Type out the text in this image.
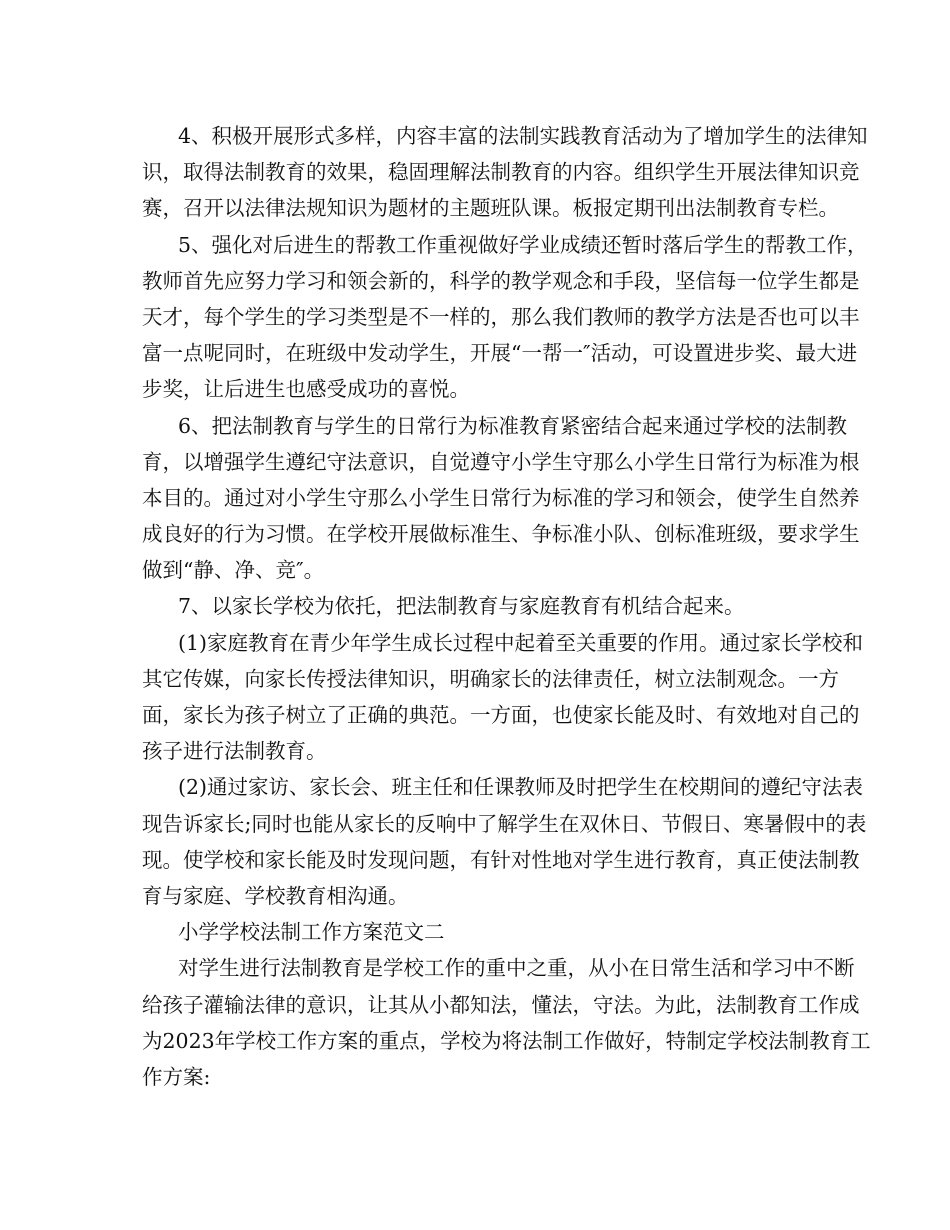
4、积极开展形式多样，内容丰富的法制实践教育活动为了增加学生的法律知
识，取得法制教育的效果，稳固理解法制教育的内容。组织学生开展法律知识竞
赛，召开以法律法规知识为题材的主题班队课。板报定期刊出法制教育专栏。
5、强化对后进生的帮教工作重视做好学业成绩还暂时落后学生的帮教工作，
教师首先应努力学习和领会新的，科学的教学观念和手段，坚信每一位学生都是
天才，每个学生的学习类型是不一样的，那么我们教师的教学方法是否也可以丰
富一点呢同时，在班级中发动学生，开展“一帮一″活动，可设置进步奖、最大进
步奖，让后进生也感受成功的喜悦。
6、把法制教育与学生的日常行为标准教育紧密结合起来通过学校的法制教
育，以增强学生遵纪守法意识，自觉遵守小学生守那么小学生日常行为标准为根
本目的。通过对小学生守那么小学生日常行为标准的学习和领会，使学生自然养
成良好的行为习惯。在学校开展做标准生、争标准小队、创标准班级，要求学生
做到“静、净、竞″。
7、以家长学校为依托，把法制教育与家庭教育有机结合起来。
(1)家庭教育在青少年学生成长过程中起着至关重要的作用。通过家长学校和
其它传媒，向家长传授法律知识，明确家长的法律责任，树立法制观念。一方
面，家长为孩子树立了正确的典范。一方面，也使家长能及时、有效地对自己的
孩子进行法制教育。
(2)通过家访、家长会、班主任和任课教师及时把学生在校期间的遵纪守法表
现告诉家长;同时也能从家长的反响中了解学生在双休日、节假日、寒暑假中的表
现。使学校和家长能及时发现问题，有针对性地对学生进行教育，真正使法制教
育与家庭、学校教育相沟通。
小学学校法制工作方案范文二
对学生进行法制教育是学校工作的重中之重，从小在日常生活和学习中不断
给孩子灌输法律的意识，让其从小都知法，懂法，守法。为此，法制教育工作成
为2023年学校工作方案的重点，学校为将法制工作做好，特制定学校法制教育工
作方案:
